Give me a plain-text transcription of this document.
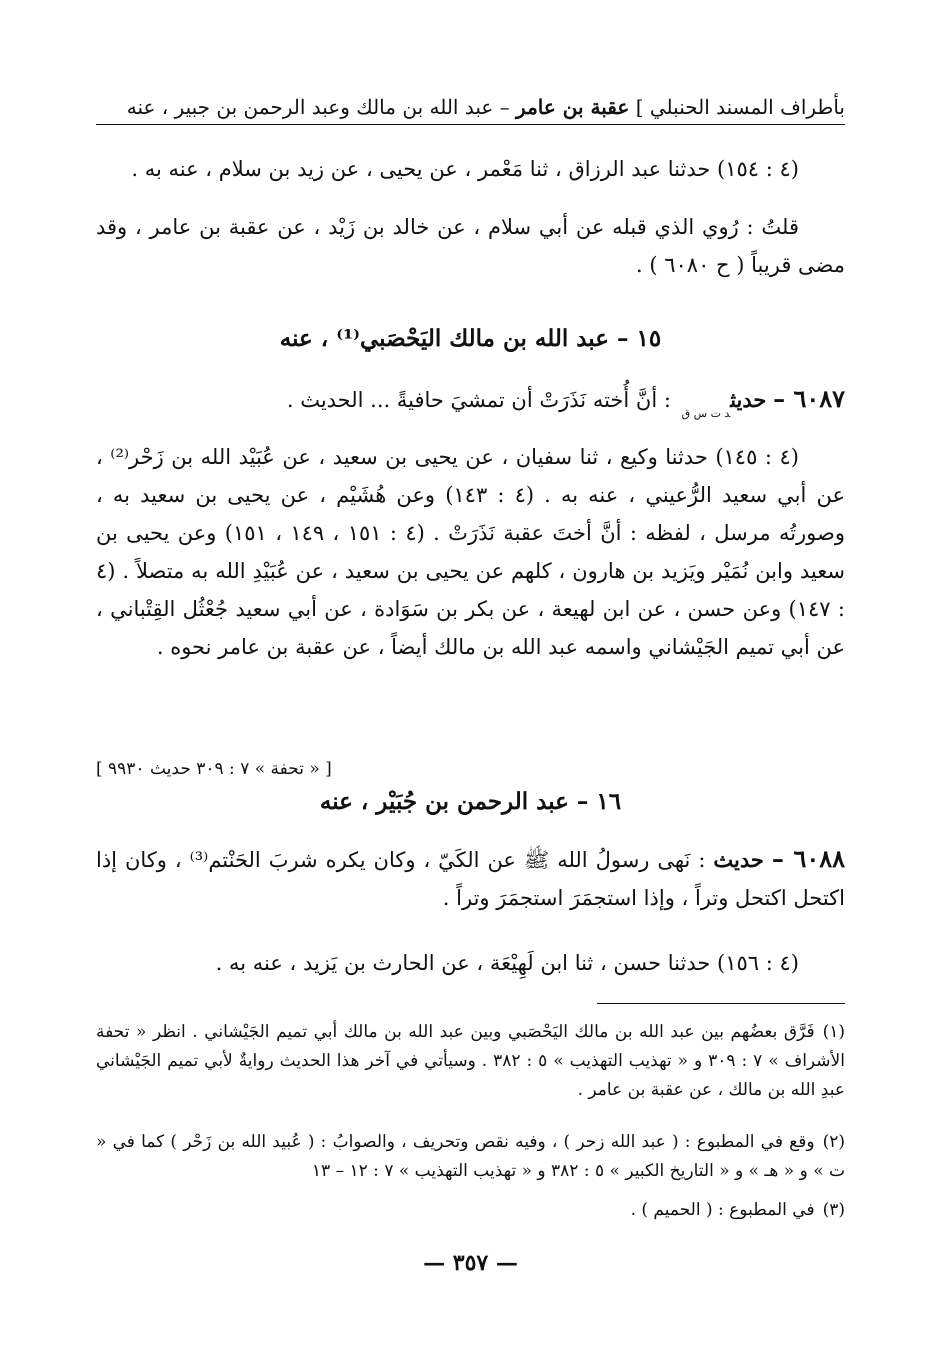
بأطراف المسند الحنبلي ] عقبة بن عامر – عبد الله بن مالك وعبد الرحمن بن جبير ، عنه

(٤ : ١٥٤) حدثنا عبد الرزاق ، ثنا مَعْمر ، عن يحيى ، عن زيد بن سلام ، عنه به .

قلتُ : رُوي الذي قبله عن أبي سلام ، عن خالد بن زَيْد ، عن عقبة بن عامر ، وقد مضى قريباً ( ح ٦٠٨٠ ) .

١٥ – عبد الله بن مالك اليَحْصَبي⁽¹⁾ ، عنه

٦٠٨٧ – حديث$_{د ت س ق}$ : أنَّ أُخته نَذَرَتْ أن تمشيَ حافيةً ... الحديث .

(٤ : ١٤٥) حدثنا وكيع ، ثنا سفيان ، عن يحيى بن سعيد ، عن عُبَيْد الله بن زَحْر⁽²⁾ ، عن أبي سعيد الرُّعيني ، عنه به . (٤ : ١٤٣) وعن هُشَيْم ، عن يحيى بن سعيد به ، وصورتُه مرسل ، لفظه : أنَّ أختَ عقبة نَذَرَتْ . (٤ : ١٥١ ، ١٤٩ ، ١٥١) وعن يحيى بن سعيد وابن نُمَيْر ويَزيد بن هارون ، كلهم عن يحيى بن سعيد ، عن عُبَيْدِ الله به متصلاً . (٤ : ١٤٧) وعن حسن ، عن ابن لهيعة ، عن بكر بن سَوَادة ، عن أبي سعيد جُعْثُل القِتْباني ، عن أبي تميم الجَيْشاني واسمه عبد الله بن مالك أيضاً ، عن عقبة بن عامر نحوه .

[ « تحفة » ٧ : ٣٠٩ حديث ٩٩٣٠ ]
١٦ – عبد الرحمن بن جُبَيْر ، عنه

٦٠٨٨ – حديث : نَهى رسولُ الله ﷺ عن الكَيّ ، وكان يكره شربَ الحَنْتم⁽³⁾ ، وكان إذا اكتحل اكتحل وتراً ، وإذا استجمَرَ استجمَرَ وتراً .

(٤ : ١٥٦) حدثنا حسن ، ثنا ابن لَهِيْعَة ، عن الحارث بن يَزيد ، عنه به .

(١)فَرَّق بعضُهم بين عبد الله بن مالك اليَحْصَبي وبين عبد الله بن مالك أبي تميم الجَيْشاني . انظر « تحفة الأشراف » ٧ : ٣٠٩ و « تهذيب التهذيب » ٥ : ٣٨٢ . وسيأتي في آخر هذا الحديث روايةٌ لأبي تميم الجَيْشاني عبدِ الله بن مالك ، عن عقبة بن عامر .

(٢)وقع في المطبوع : ( عبد الله زحر ) ، وفيه نقص وتحريف ، والصوابُ : ( عُبيد الله بن زَحْر ) كما في « ت » و « هـ » و « التاريخ الكبير » ٥ : ٣٨٢ و « تهذيب التهذيب » ٧ : ١٢ – ١٣

(٣)في المطبوع : ( الحميم ) .

— ٣٥٧ —
